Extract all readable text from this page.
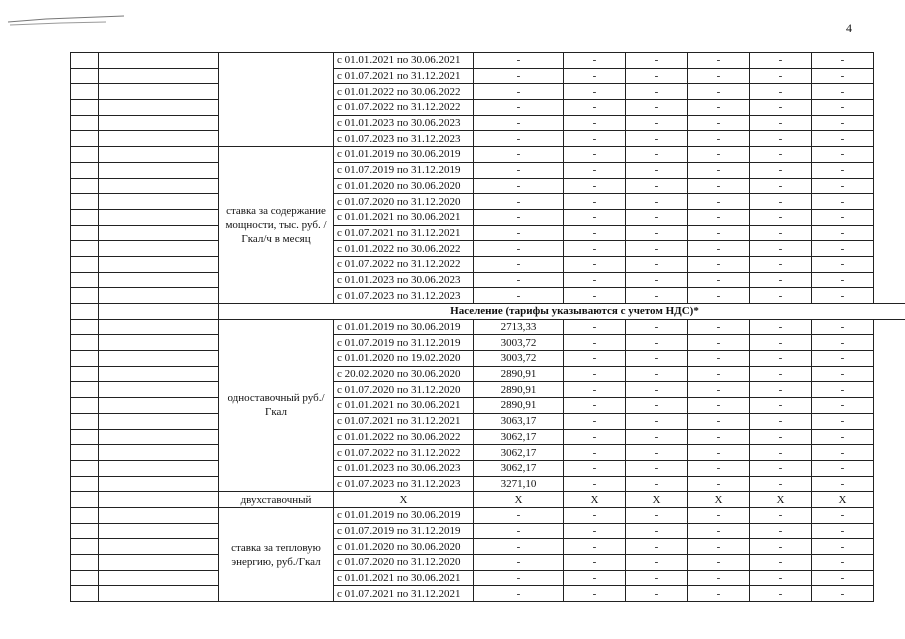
4
			с 01.01.2021 по 30.06.2021	-	-	-	-	-	-
			с 01.07.2021 по 31.12.2021	-	-	-	-	-	-
			с 01.01.2022 по 30.06.2022	-	-	-	-	-	-
			с 01.07.2022 по 31.12.2022	-	-	-	-	-	-
			с 01.01.2023 по 30.06.2023	-	-	-	-	-	-
			с 01.07.2023 по 31.12.2023	-	-	-	-	-	-
		ставка за содержание мощности, тыс. руб. /Гкал/ч в месяц	с 01.01.2019 по 30.06.2019	-	-	-	-	-	-
			с 01.07.2019 по 31.12.2019	-	-	-	-	-	-
			с 01.01.2020 по 30.06.2020	-	-	-	-	-	-
			с 01.07.2020 по 31.12.2020	-	-	-	-	-	-
			с 01.01.2021 по 30.06.2021	-	-	-	-	-	-
			с 01.07.2021 по 31.12.2021	-	-	-	-	-	-
			с 01.01.2022 по 30.06.2022	-	-	-	-	-	-
			с 01.07.2022 по 31.12.2022	-	-	-	-	-	-
			с 01.01.2023 по 30.06.2023	-	-	-	-	-	-
			с 01.07.2023 по 31.12.2023	-	-	-	-	-	-
		Население (тарифы указываются с учетом НДС)*							
		одноставочный руб./Гкал	с 01.01.2019 по 30.06.2019	2713,33	-	-	-	-	-
			с 01.07.2019 по 31.12.2019	3003,72	-	-	-	-	-
			с 01.01.2020 по 19.02.2020	3003,72	-	-	-	-	-
			с 20.02.2020 по 30.06.2020	2890,91	-	-	-	-	-
			с 01.07.2020 по 31.12.2020	2890,91	-	-	-	-	-
			с 01.01.2021 по 30.06.2021	2890,91	-	-	-	-	-
			с 01.07.2021 по 31.12.2021	3063,17	-	-	-	-	-
			с 01.01.2022 по 30.06.2022	3062,17	-	-	-	-	-
			с 01.07.2022 по 31.12.2022	3062,17	-	-	-	-	-
			с 01.01.2023 по 30.06.2023	3062,17	-	-	-	-	-
			с 01.07.2023 по 31.12.2023	3271,10	-	-	-	-	-
		двухставочный	X	X	X	X	X	X	X
		ставка за тепловую энергию, руб./Гкал	с 01.01.2019 по 30.06.2019	-	-	-	-	-	-
			с 01.07.2019 по 31.12.2019	-	-	-	-	-	-
			с 01.01.2020 по 30.06.2020	-	-	-	-	-	-
			с 01.07.2020 по 31.12.2020	-	-	-	-	-	-
			с 01.01.2021 по 30.06.2021	-	-	-	-	-	-
			с 01.07.2021 по 31.12.2021	-	-	-	-	-	-
